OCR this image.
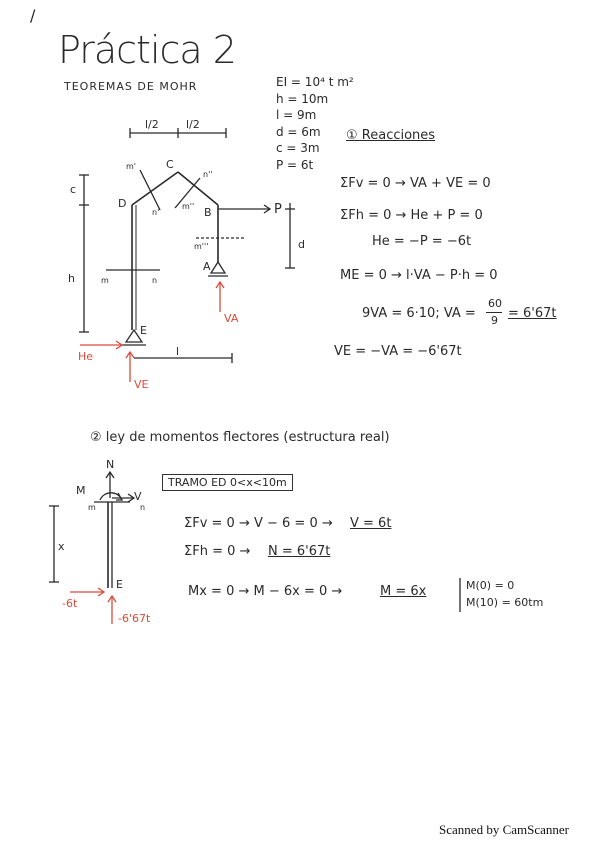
/
Práctica 2
TEOREMAS DE MOHR	EI = 10⁴ t m²
h = 10m
l = 9m
d = 6m
c = 3m
P = 6t
l/2 l/2
c
h
d
l
P
D
C
B
A
E
m	n
m'
n'
m''
n''
m'''
He
VA
VE
① Reacciones
ΣFv = 0 → VA + VE = 0
ΣFh = 0 → He + P = 0
He = −P = −6t
ME = 0 → l·VA − P·h = 0
9VA = 6·10; VA =
60
9 = 6'67t
VE = −VA = −6'67t
② ley de momentos flectores (estructura real)
N
M	V
m	n
x
E
-6t
-6'67t
TRAMO ED 0<x<10m
ΣFv = 0 → V − 6 = 0 → V = 6t
ΣFh = 0 → N = 6'67t
Mx = 0 → M − 6x = 0 →	M = 6x	M(0) = 0
M(10) = 60tm
Scanned by CamScanner
